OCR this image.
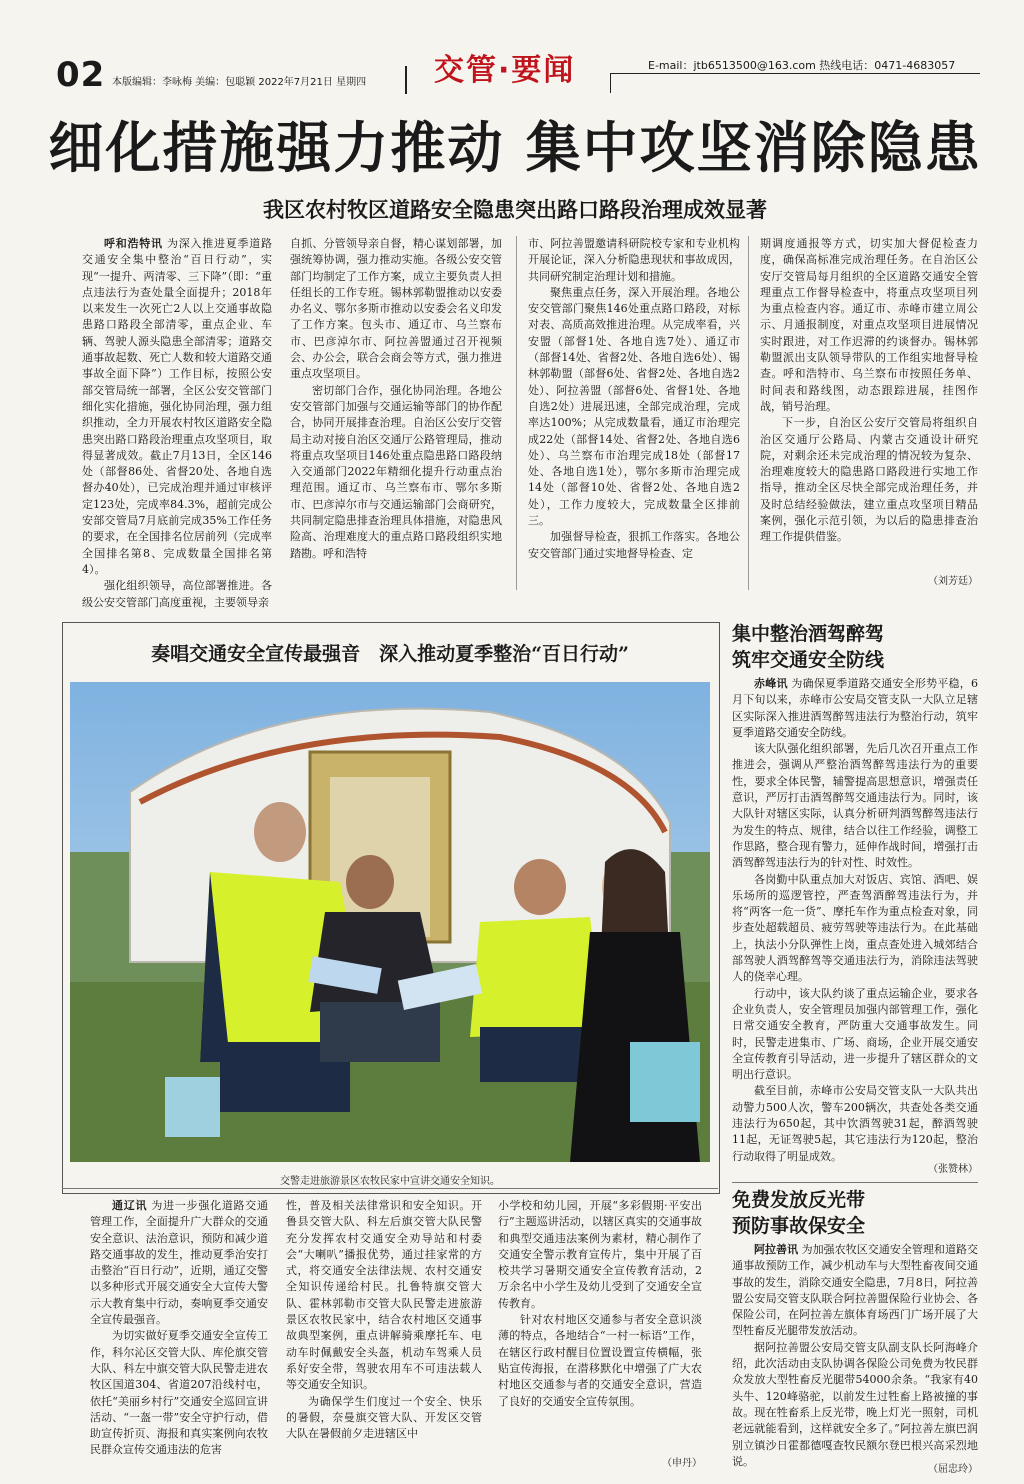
02 本版编辑：李咏梅 美编：包聪颖 2022年7月21日 星期四 交管·要闻	E-mail：jtb6513500@163.com 热线电话：0471-4683057
细化措施强力推动 集中攻坚消除隐患
我区农村牧区道路安全隐患突出路口路段治理成效显著

呼和浩特讯 为深入推进夏季道路交通安全集中整治“百日行动”，实现“一提升、两清零、三下降”（即：“重点违法行为查处量全面提升；2018年以来发生一次死亡2人以上交通事故隐患路口路段全部清零，重点企业、车辆、驾驶人源头隐患全部清零；道路交通事故起数、死亡人数和较大道路交通事故全面下降”）工作目标，按照公安部交管局统一部署，全区公安交管部门细化实化措施，强化协同治理，强力组织推动，全力开展农村牧区道路安全隐患突出路口路段治理重点攻坚项目，取得显著成效。截止7月13日，全区146处（部督86处、省督20处、各地自选督办40处），已完成治理并通过审核评定123处，完成率84.3%，超前完成公安部交管局7月底前完成35%工作任务的要求，在全国排名位居前列（完成率全国排名第8、完成数量全国排名第4）。

强化组织领导，高位部署推进。各级公安交管部门高度重视，主要领导亲

自抓、分管领导亲自督，精心谋划部署，加强统筹协调，强力推动实施。各级公安交管部门均制定了工作方案，成立主要负责人担任组长的工作专班。锡林郭勒盟推动以安委办名义、鄂尔多斯市推动以安委会名义印发了工作方案。包头市、通辽市、乌兰察布市、巴彦淖尔市、阿拉善盟通过召开视频会、办公会，联合会商会等方式，强力推进重点攻坚项目。

密切部门合作，强化协同治理。各地公安交管部门加强与交通运输等部门的协作配合，协同开展排查治理。自治区公安厅交管局主动对接自治区交通厅公路管理局，推动将重点攻坚项目146处重点隐患路口路段纳入交通部门2022年精细化提升行动重点治理范围。通辽市、乌兰察布市、鄂尔多斯市、巴彦淖尔市与交通运输部门会商研究，共同制定隐患排查治理具体措施，对隐患风险高、治理难度大的重点路口路段组织实地踏勘。呼和浩特

市、阿拉善盟邀请科研院校专家和专业机构开展论证，深入分析隐患现状和事故成因，共同研究制定治理计划和措施。

聚焦重点任务，深入开展治理。各地公安交管部门聚焦146处重点路口路段，对标对表、高质高效推进治理。从完成率看，兴安盟（部督1处、各地自选7处）、通辽市（部督14处、省督2处、各地自选6处）、锡林郭勒盟（部督6处、省督2处、各地自选2处）、阿拉善盟（部督6处、省督1处、各地自选2处）进展迅速，全部完成治理，完成率达100%；从完成数量看，通辽市治理完成22处（部督14处、省督2处、各地自选6处）、乌兰察布市治理完成18处（部督17处、各地自选1处），鄂尔多斯市治理完成14处（部督10处、省督2处、各地自选2处），工作力度较大，完成数量全区排前三。

加强督导检查，狠抓工作落实。各地公安交管部门通过实地督导检查、定

期调度通报等方式，切实加大督促检查力度，确保高标准完成治理任务。在自治区公安厅交管局每月组织的全区道路交通安全管理重点工作督导检查中，将重点攻坚项目列为重点检查内容。通辽市、赤峰市建立周公示、月通报制度，对重点攻坚项目进展情况实时跟进，对工作迟滞的约谈督办。锡林郭勒盟派出支队领导带队的工作组实地督导检查。呼和浩特市、乌兰察布市按照任务单、时间表和路线图，动态跟踪进展，挂图作战，销号治理。

下一步，自治区公安厅交管局将组织自治区交通厅公路局、内蒙古交通设计研究院，对剩余还未完成治理的情况较为复杂、治理难度较大的隐患路口路段进行实地工作指导，推动全区尽快全部完成治理任务，并及时总结经验做法，建立重点攻坚项目精品案例，强化示范引领，为以后的隐患排查治理工作提供借鉴。

（刘芳廷）
奏唱交通安全宣传最强音　深入推动夏季整治“百日行动”
交警走进旅游景区农牧民家中宣讲交通安全知识。

通辽讯 为进一步强化道路交通管理工作，全面提升广大群众的交通安全意识、法治意识，预防和减少道路交通事故的发生，推动夏季治安打击整治“百日行动”，近期，通辽交警以多种形式开展交通安全大宣传大警示大教育集中行动，奏响夏季交通安全宣传最强音。

为切实做好夏季交通安全宣传工作，科尔沁区交管大队、库伦旗交管大队、科左中旗交管大队民警走进农牧区国道304、省道207沿线村屯，依托“美丽乡村行”交通安全巡回宣讲活动、“一盔一带”安全守护行动，借助宣传折页、海报和真实案例向农牧民群众宣传交通违法的危害

性，普及相关法律常识和安全知识。开鲁县交管大队、科左后旗交管大队民警充分发挥农村交通安全劝导站和村委会“大喇叭”播报优势，通过挂家常的方式，将交通安全法律法规、农村交通安全知识传递给村民。扎鲁特旗交管大队、霍林郭勒市交管大队民警走进旅游景区农牧民家中，结合农村地区交通事故典型案例，重点讲解骑乘摩托车、电动车时佩戴安全头盔，机动车驾乘人员系好安全带，驾驶农用车不可违法载人等交通安全知识。

为确保学生们度过一个安全、快乐的暑假，奈曼旗交管大队、开发区交管大队在暑假前夕走进辖区中

小学校和幼儿园，开展“多彩假期·平安出行”主题巡讲活动，以辖区真实的交通事故和典型交通违法案例为素材，精心制作了交通安全警示教育宣传片，集中开展了百校共学习暑期交通安全宣传教育活动，2万余名中小学生及幼儿受到了交通安全宣传教育。

针对农村地区交通参与者安全意识淡薄的特点，各地结合“一村一标语”工作，在辖区行政村醒目位置设置宣传横幅，张贴宣传海报，在潜移默化中增强了广大农村地区交通参与者的交通安全意识，营造了良好的交通安全宣传氛围。

（申丹）
集中整治酒驾醉驾
筑牢交通安全防线

赤峰讯 为确保夏季道路交通安全形势平稳，6月下旬以来，赤峰市公安局交管支队一大队立足辖区实际深入推进酒驾醉驾违法行为整治行动，筑牢夏季道路交通安全防线。

该大队强化组织部署，先后几次召开重点工作推进会，强调从严整治酒驾醉驾违法行为的重要性，要求全体民警，辅警提高思想意识，增强责任意识，严厉打击酒驾醉驾交通违法行为。同时，该大队针对辖区实际，认真分析研判酒驾醉驾违法行为发生的特点、规律，结合以往工作经验，调整工作思路，整合现有警力，延伸作战时间，增强打击酒驾醉驾违法行为的针对性、时效性。

各岗勤中队重点加大对饭店、宾馆、酒吧、娱乐场所的巡逻管控，严查驾酒醉驾违法行为，并将“两客一危一货”、摩托车作为重点检查对象，同步查处超载超员、疲劳驾驶等违法行为。在此基础上，执法小分队弹性上岗，重点查处进入城郊结合部驾驶人酒驾醉驾等交通违法行为，消除违法驾驶人的侥幸心理。

行动中，该大队约谈了重点运输企业，要求各企业负责人，安全管理员加强内部管理工作，强化日常交通安全教育，严防重大交通事故发生。同时，民警走进集市、广场、商场，企业开展交通安全宣传教育引导活动，进一步提升了辖区群众的文明出行意识。

截至目前，赤峰市公安局交管支队一大队共出动警力500人次，警车200辆次，共查处各类交通违法行为650起，其中饮酒驾驶31起，醉酒驾驶11起，无证驾驶5起，其它违法行为120起，整治行动取得了明显成效。

（张赞林）
免费发放反光带
预防事故保安全

阿拉善讯 为加强农牧区交通安全管理和道路交通事故预防工作，减少机动车与大型牲畜夜间交通事故的发生，消除交通安全隐患，7月8日，阿拉善盟公安局交管支队联合阿拉善盟保险行业协会、各保险公司，在阿拉善左旗体育场西门广场开展了大型牲畜反光腿带发放活动。

据阿拉善盟公安局交管支队副支队长阿海峰介绍，此次活动由支队协调各保险公司免费为牧民群众发放大型牲畜反光腿带54000余条。“我家有40头牛、120峰骆驼，以前发生过牲畜上路被撞的事故。现在牲畜系上反光带，晚上灯光一照射，司机老远就能看到，这样就安全多了。”阿拉善左旗巴润别立镇沙日霍都德嘎查牧民额尔登巴根兴高采烈地说。

（屈忠玲）
